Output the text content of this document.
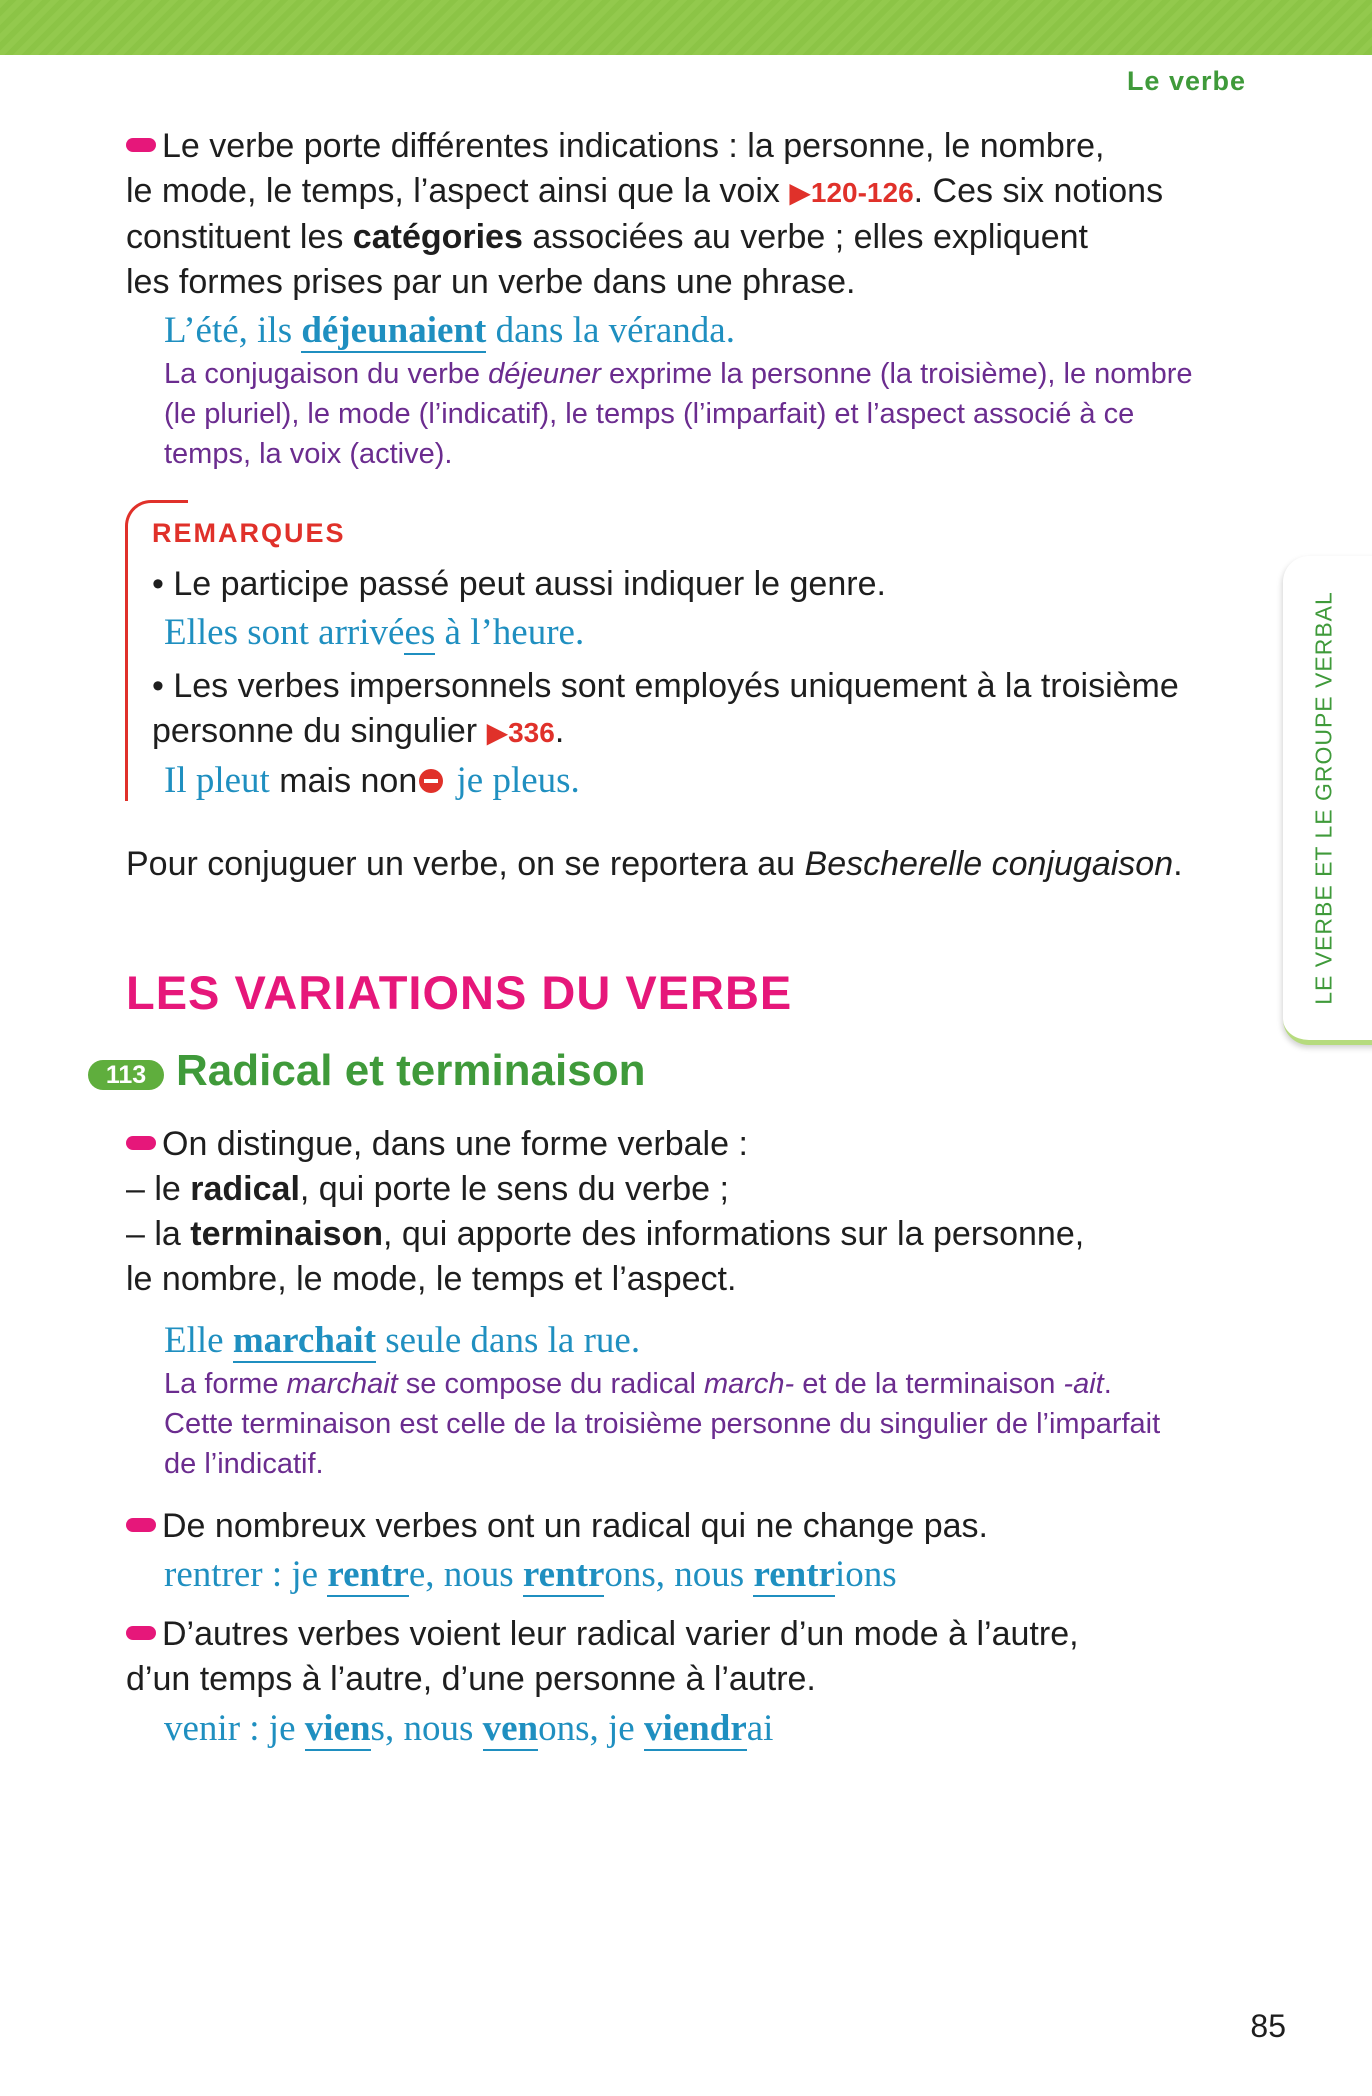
Le verbe
LE VERBE ET LE GROUPE VERBAL

Le verbe porte différentes indications : la personne, le nombre,
le mode, le temps, l’aspect ainsi que la voix ▶120-126. Ces six notions
constituent les catégories associées au verbe ; elles expliquent
les formes prises par un verbe dans une phrase.

L’été, ils déjeunaient dans la véranda.

La conjugaison du verbe déjeuner exprime la personne (la troisième), le nombre
(le pluriel), le mode (l’indicatif), le temps (l’imparfait) et l’aspect associé à ce
temps, la voix (active).

REMARQUES

• Le participe passé peut aussi indiquer le genre.

Elles sont arrivées à l’heure.

• Les verbes impersonnels sont employés uniquement à la troisième
personne du singulier ▶336.

Il pleut mais non je pleus.

Pour conjuguer un verbe, on se reportera au Bescherelle conjugaison.

LES VARIATIONS DU VERBE
113 Radical et terminaison

On distingue, dans une forme verbale :
– le radical, qui porte le sens du verbe ;
– la terminaison, qui apporte des informations sur la personne,
le nombre, le mode, le temps et l’aspect.

Elle marchait seule dans la rue.

La forme marchait se compose du radical march- et de la terminaison -ait.
Cette terminaison est celle de la troisième personne du singulier de l’imparfait
de l’indicatif.

De nombreux verbes ont un radical qui ne change pas.

rentrer : je rentre, nous rentrons, nous rentrions

D’autres verbes voient leur radical varier d’un mode à l’autre,
d’un temps à l’autre, d’une personne à l’autre.

venir : je viens, nous venons, je viendrai

85
